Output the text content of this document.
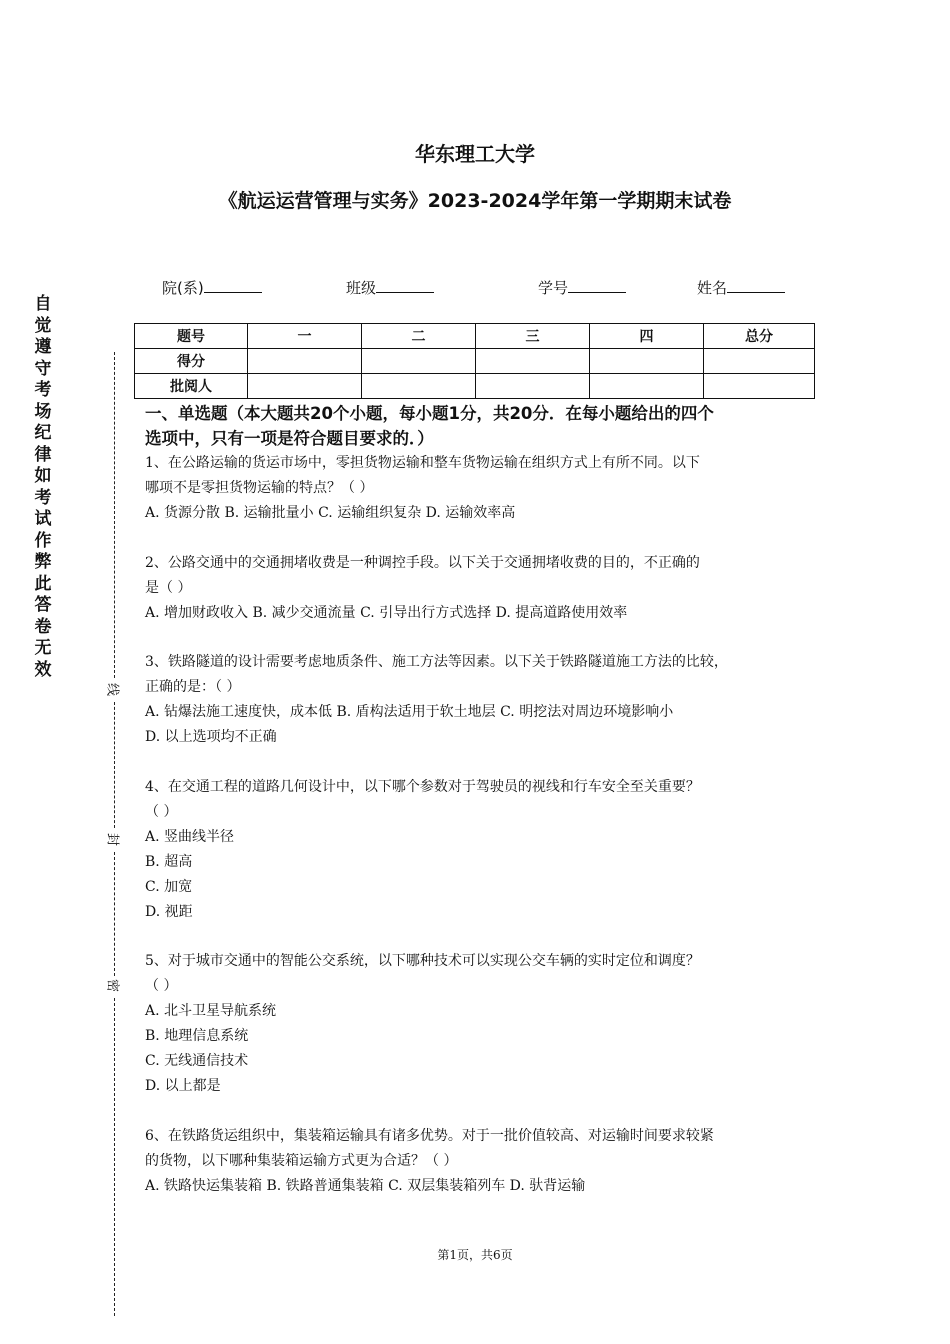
华东理工大学
《航运运营管理与实务》2023-2024学年第一学期期末试卷
院(系)	班级	学号	姓名
自
觉
遵
守
考
场
纪
律
如
考
试
作
弊
此
答
卷
无
效
线
封
密
题号	一	二	三	四	总分
得分					
批阅人					
一、单选题（本大题共20个小题，每小题1分，共20分．在每小题给出的四个
选项中，只有一项是符合题目要求的．）

1、在公路运输的货运市场中，零担货物运输和整车货物运输在组织方式上有所不同。以下

哪项不是零担货物运输的特点？（ ）

A. 货源分散 B. 运输批量小 C. 运输组织复杂 D. 运输效率高

2、公路交通中的交通拥堵收费是一种调控手段。以下关于交通拥堵收费的目的，不正确的

是（ ）

A. 增加财政收入 B. 减少交通流量 C. 引导出行方式选择 D. 提高道路使用效率

3、铁路隧道的设计需要考虑地质条件、施工方法等因素。以下关于铁路隧道施工方法的比较，

正确的是：（ ）

A. 钻爆法施工速度快，成本低 B. 盾构法适用于软土地层 C. 明挖法对周边环境影响小

D. 以上选项均不正确

4、在交通工程的道路几何设计中，以下哪个参数对于驾驶员的视线和行车安全至关重要？

（ ）

A. 竖曲线半径

B. 超高

C. 加宽

D. 视距

5、对于城市交通中的智能公交系统，以下哪种技术可以实现公交车辆的实时定位和调度？

（ ）

A. 北斗卫星导航系统

B. 地理信息系统

C. 无线通信技术

D. 以上都是

6、在铁路货运组织中，集装箱运输具有诸多优势。对于一批价值较高、对运输时间要求较紧

的货物，以下哪种集装箱运输方式更为合适？（ ）

A. 铁路快运集装箱 B. 铁路普通集装箱 C. 双层集装箱列车 D. 驮背运输

第1页，共6页
